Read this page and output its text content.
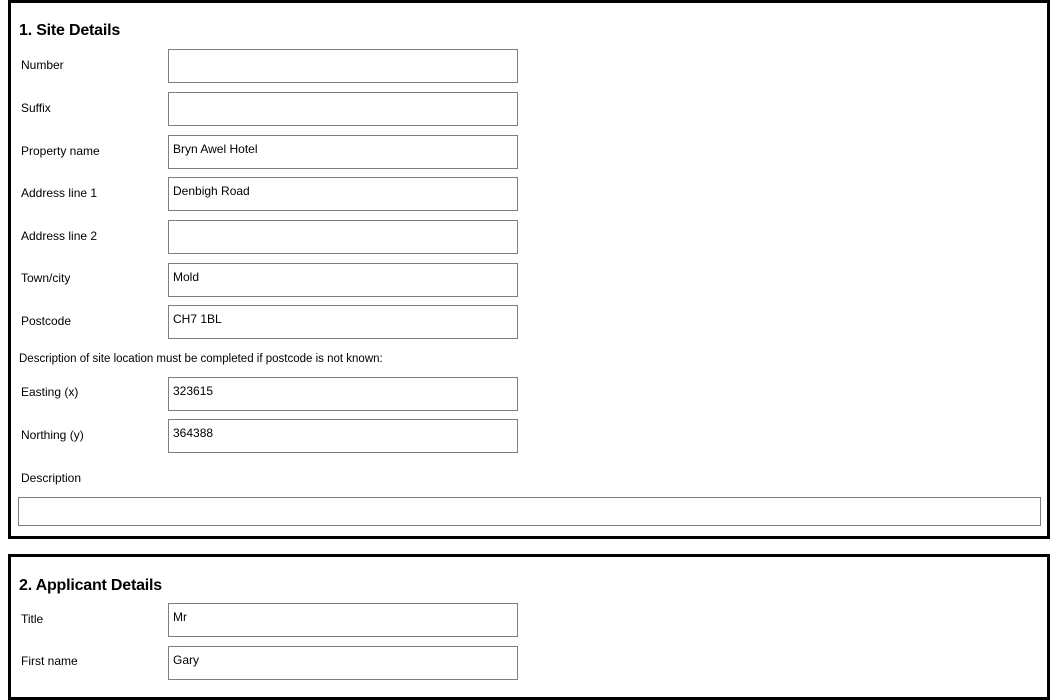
1. Site Details
Number
Suffix
Property name	Bryn Awel Hotel
Address line 1	Denbigh Road
Address line 2
Town/city	Mold
Postcode	CH7 1BL
Description of site location must be completed if postcode is not known:
Easting (x)	323615
Northing (y)	364388
Description
2. Applicant Details
Title	Mr
First name	Gary
